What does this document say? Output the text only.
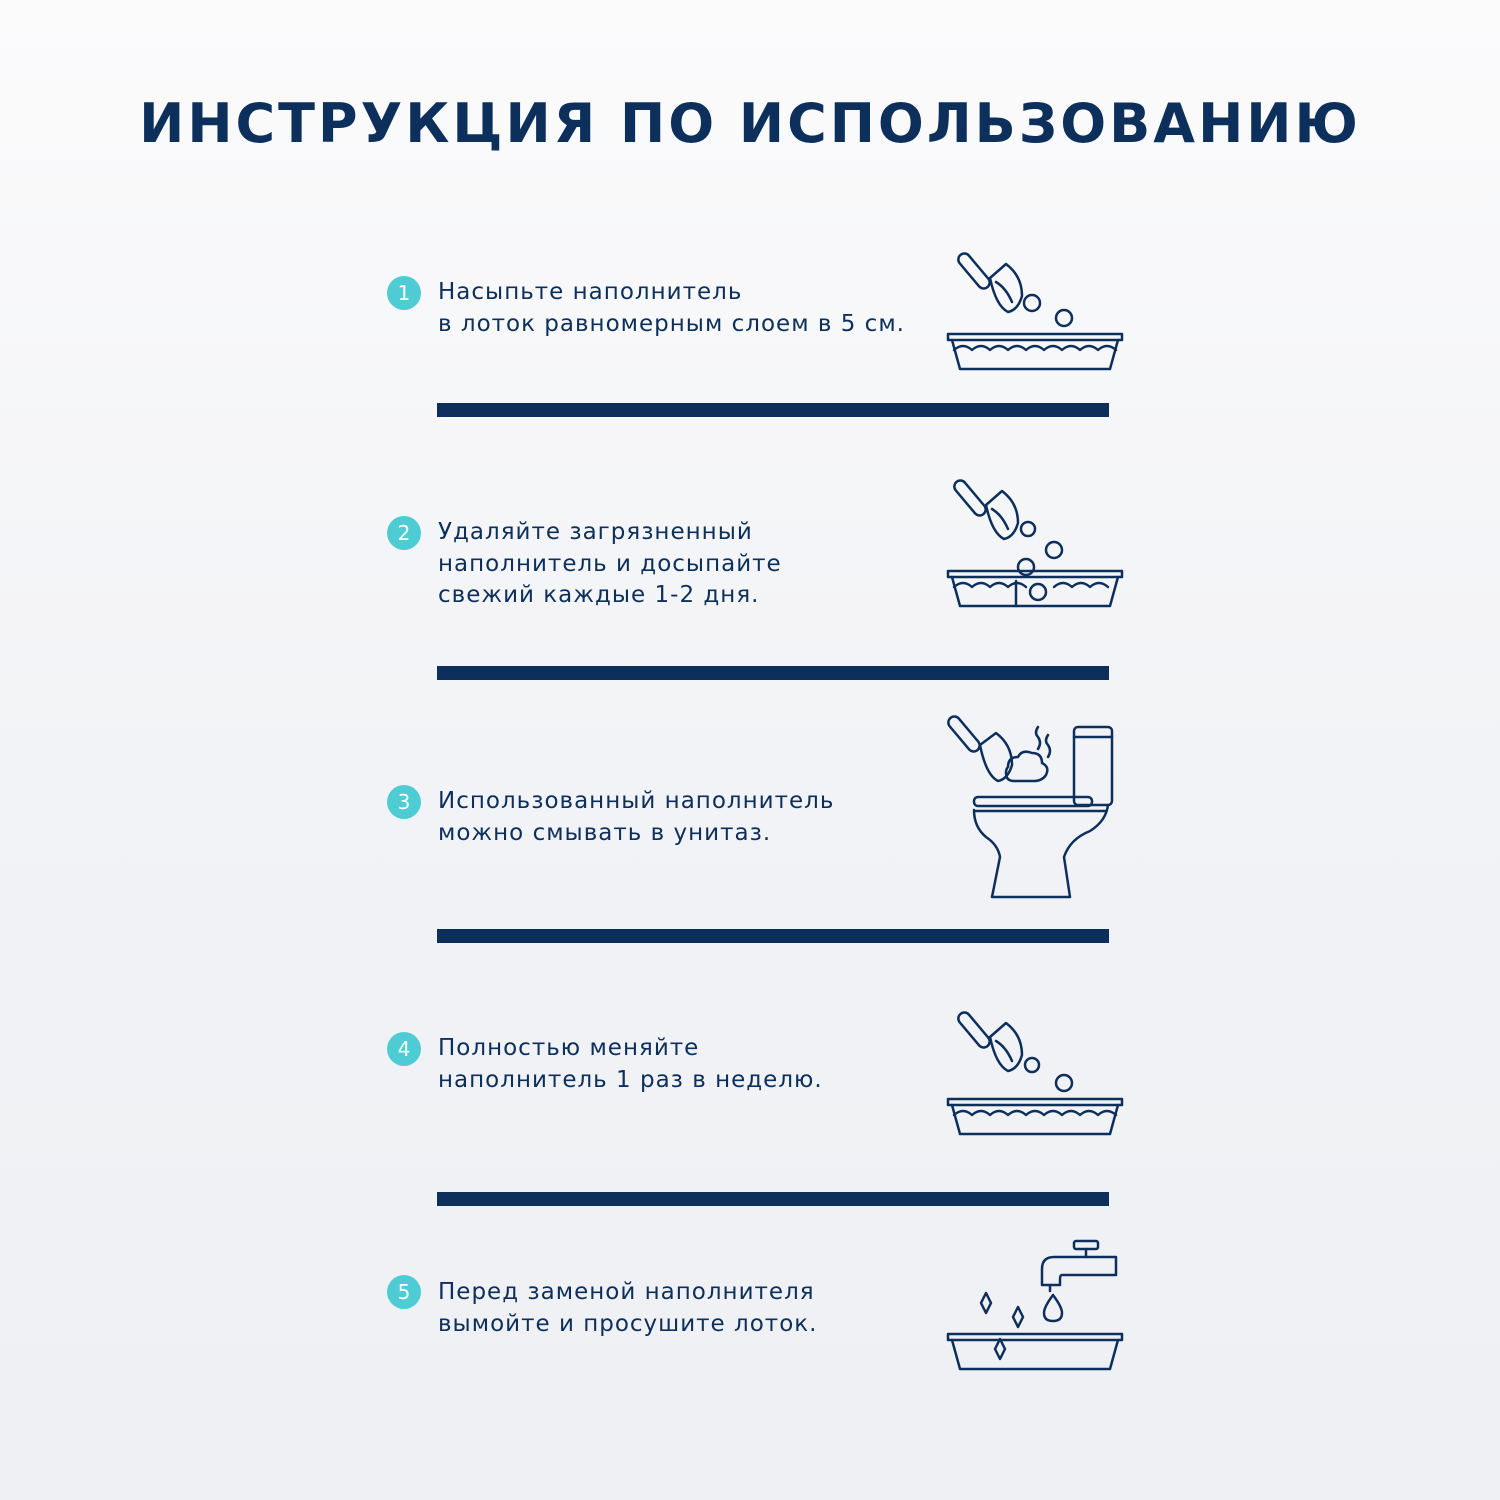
ИНСТРУКЦИЯ ПО ИСПОЛЬЗОВАНИЮ
1	Насыпьте наполнитель
в лоток равномерным слоем в 5 см.
2	Удаляйте загрязненный
наполнитель и досыпайте
свежий каждые 1-2 дня.
3	Использованный наполнитель
можно смывать в унитаз.
4	Полностью меняйте
наполнитель 1 раз в неделю.
5	Перед заменой наполнителя
вымойте и просушите лоток.
